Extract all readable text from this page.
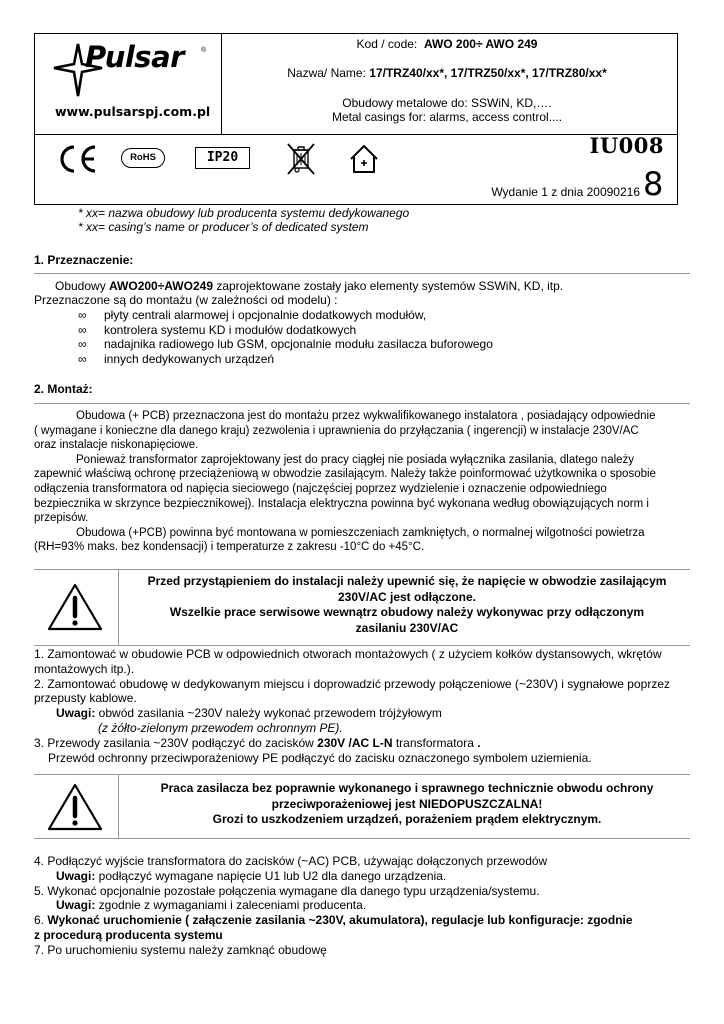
Pulsar ®
www.pulsarspj.com.pl
Kod / code: AWO 200÷ AWO 249
Nazwa/ Name: 17/TRZ40/xx*, 17/TRZ50/xx*, 17/TRZ80/xx*
Obudowy metalowe do: SSWiN, KD,….
Metal casings for: alarms, access control....
RoHS	IP20	IU008
Wydanie 1 z dnia 20090216 8
* xx= nazwa obudowy lub producenta systemu dedykowanego
* xx= casing’s name or producer’s of dedicated system
1. Przeznaczenie:
Obudowy AWO200÷AWO249 zaprojektowane zostały jako elementy systemów SSWiN, KD, itp.
Przeznaczone są do montażu (w zależności od modelu) :
∞ płyty centrali alarmowej i opcjonalnie dodatkowych modułów,
∞ kontrolera systemu KD i modułów dodatkowych
∞ nadajnika radiowego lub GSM, opcjonalnie modułu zasilacza buforowego
∞ innych dedykowanych urządzeń
2. Montaż:
Obudowa (+ PCB) przeznaczona jest do montażu przez wykwalifikowanego instalatora , posiadający odpowiednie
( wymagane i konieczne dla danego kraju) zezwolenia i uprawnienia do przyłączania ( ingerencji) w instalacje 230V/AC
oraz instalacje niskonapięciowe.
Ponieważ transformator zaprojektowany jest do pracy ciągłej nie posiada wyłącznika zasilania, dlatego należy
zapewnić właściwą ochronę przeciążeniową w obwodzie zasilającym. Należy także poinformować użytkownika o sposobie
odłączenia transformatora od napięcia sieciowego (najczęściej poprzez wydzielenie i oznaczenie odpowiedniego
bezpiecznika w skrzynce bezpiecznikowej). Instalacja elektryczna powinna być wykonana według obowiązujących norm i
przepisów.
Obudowa (+PCB) powinna być montowana w pomieszczeniach zamkniętych, o normalnej wilgotności powietrza
(RH=93% maks. bez kondensacji) i temperaturze z zakresu -10°C do +45°C.
Przed przystąpieniem do instalacji należy upewnić się, że napięcie w obwodzie zasilającym
230V/AC jest odłączone.
Wszelkie prace serwisowe wewnątrz obudowy należy wykonywac przy odłączonym
zasilaniu 230V/AC
1. Zamontować w obudowie PCB w odpowiednich otworach montażowych ( z użyciem kołków dystansowych, wkrętów
montażowych itp.).
2. Zamontować obudowę w dedykowanym miejscu i doprowadzić przewody połączeniowe (~230V) i sygnałowe poprzez
przepusty kablowe.
Uwagi: obwód zasilania ~230V należy wykonać przewodem trójżyłowym
(z żółto-zielonym przewodem ochronnym PE).
3. Przewody zasilania ~230V podłączyć do zacisków 230V /AC L-N transformatora .
Przewód ochronny przeciwporażeniowy PE podłączyć do zacisku oznaczonego symbolem uziemienia.
Praca zasilacza bez poprawnie wykonanego i sprawnego technicznie obwodu ochrony
przeciwporażeniowej jest NIEDOPUSZCZALNA!
Grozi to uszkodzeniem urządzeń, porażeniem prądem elektrycznym.
4. Podłączyć wyjście transformatora do zacisków (~AC) PCB, używając dołączonych przewodów
Uwagi: podłączyć wymagane napięcie U1 lub U2 dla danego urządzenia.
5. Wykonać opcjonalnie pozostałe połączenia wymagane dla danego typu urządzenia/systemu.
Uwagi: zgodnie z wymaganiami i zaleceniami producenta.
6. Wykonać uruchomienie ( załączenie zasilania ~230V, akumulatora), regulacje lub konfiguracje: zgodnie
z procedurą producenta systemu
7. Po uruchomieniu systemu należy zamknąć obudowę
